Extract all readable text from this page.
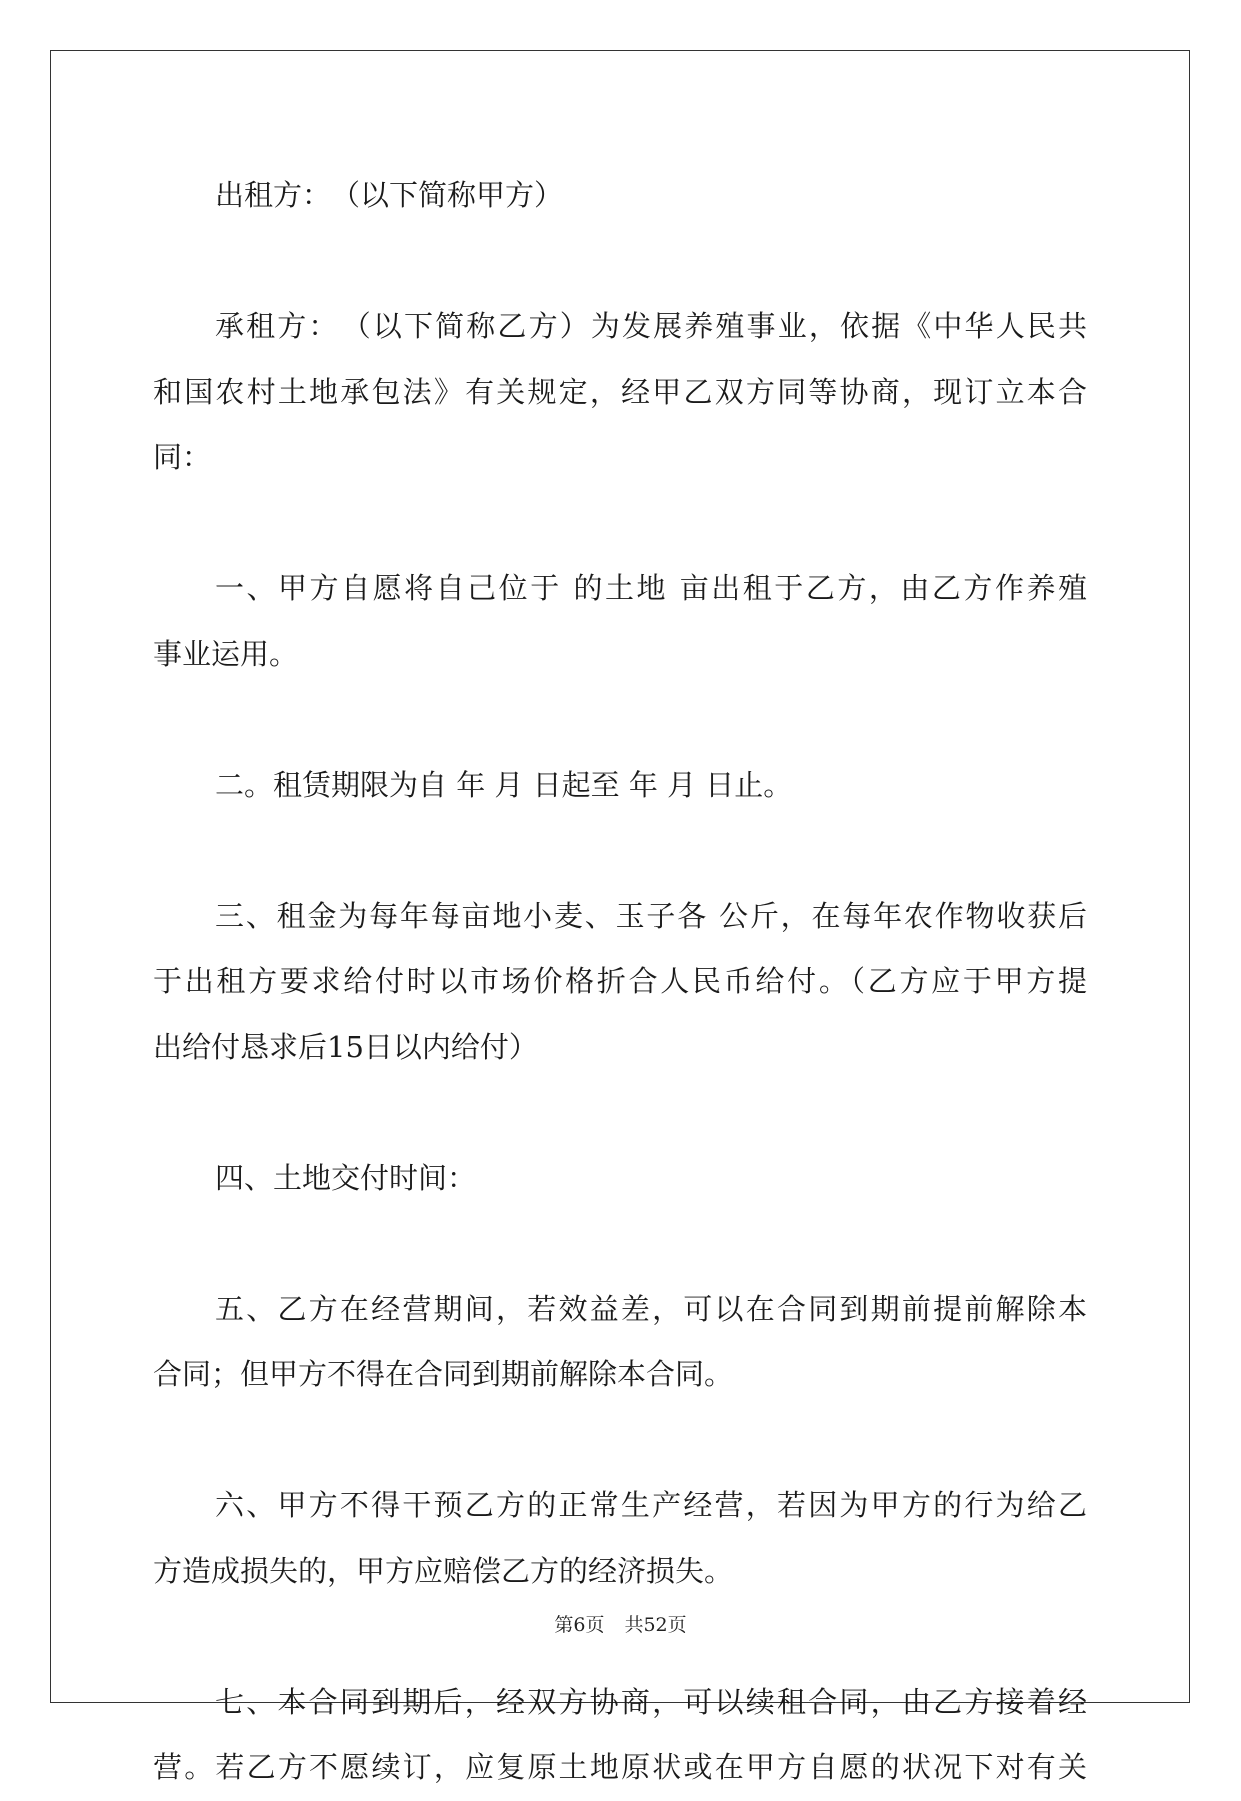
出租方：　（以下简称甲方）
承租方：　（以下简称乙方）为发展养殖事业，依据《中华人民共
和国农村土地承包法》有关规定，经甲乙双方同等协商，现订立本合
同：
一、甲方自愿将自己位于 的土地 亩出租于乙方，由乙方作养殖
事业运用。
二。租赁期限为自 年 月 日起至 年 月 日止。
三、租金为每年每亩地小麦、玉子各 公斤，在每年农作物收获后
于出租方要求给付时以市场价格折合人民币给付。（乙方应于甲方提
出给付恳求后15日以内给付）
四、土地交付时间：
五、乙方在经营期间，若效益差，可以在合同到期前提前解除本
合同；但甲方不得在合同到期前解除本合同。
六、甲方不得干预乙方的正常生产经营，若因为甲方的行为给乙
方造成损失的，甲方应赔偿乙方的经济损失。
七、本合同到期后，经双方协商，可以续租合同，由乙方接着经
营。若乙方不愿续订，应复原土地原状或在甲方自愿的状况下对有关
第6页 共52页
